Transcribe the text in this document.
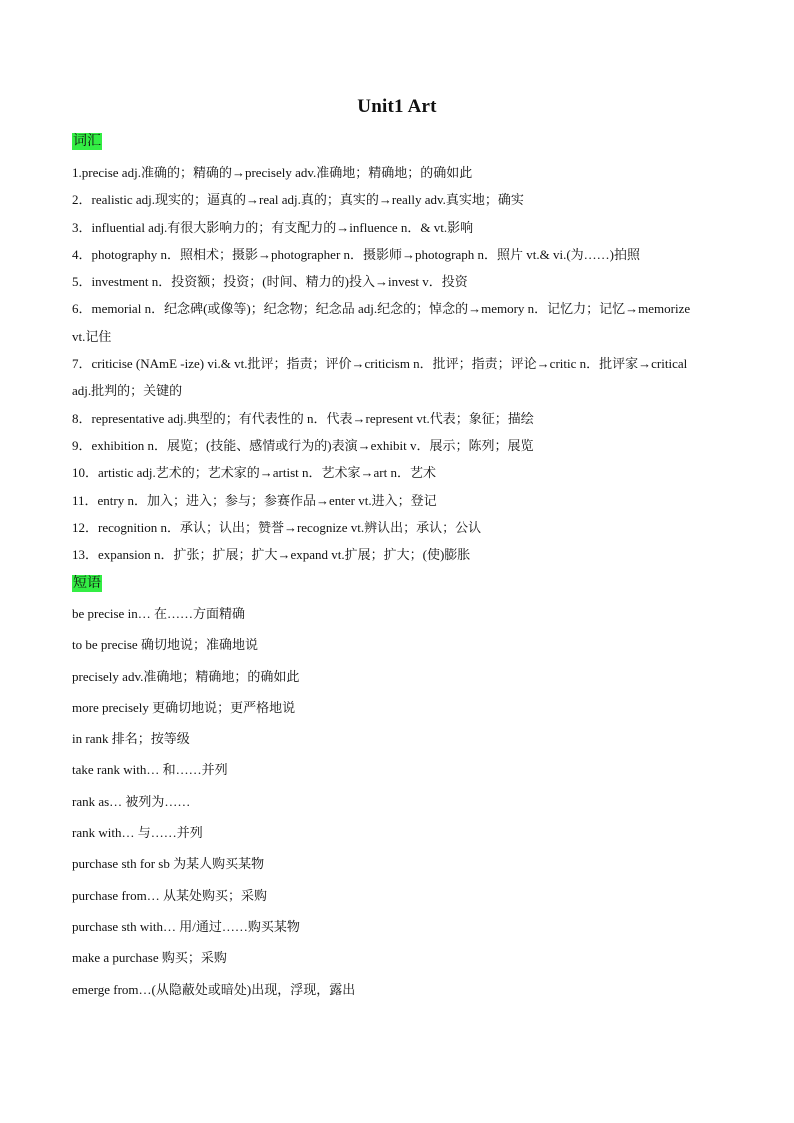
Unit1 Art
词汇
1.precise adj.准确的；精确的→precisely adv.准确地；精确地；的确如此
2．realistic adj.现实的；逼真的→real adj.真的；真实的→really adv.真实地；确实
3．influential adj.有很大影响力的；有支配力的→influence n．& vt.影响
4．photography n．照相术；摄影→photographer n．摄影师→photograph n．照片 vt.& vi.(为……)拍照
5．investment n．投资额；投资；(时间、精力的)投入→invest v．投资
6．memorial n．纪念碑(或像等)；纪念物；纪念品 adj.纪念的；悼念的→memory n．记忆力；记忆→memorize
vt.记住
7．criticise (NAmE -ize) vi.& vt.批评；指责；评价→criticism n．批评；指责；评论→critic n．批评家→critical
adj.批判的；关键的
8．representative adj.典型的；有代表性的 n．代表→represent vt.代表；象征；描绘
9．exhibition n．展览；(技能、感情或行为的)表演→exhibit v．展示；陈列；展览
10．artistic adj.艺术的；艺术家的→artist n．艺术家→art n．艺术
11．entry n．加入；进入；参与；参赛作品→enter vt.进入；登记
12．recognition n．承认；认出；赞誉→recognize vt.辨认出；承认；公认
13．expansion n．扩张；扩展；扩大→expand vt.扩展；扩大；(使)膨胀
短语
be precise in… 在……方面精确
to be precise 确切地说；准确地说
precisely adv.准确地；精确地；的确如此
more precisely 更确切地说；更严格地说
in rank 排名；按等级
take rank with… 和……并列
rank as… 被列为……
rank with… 与……并列
purchase sth for sb 为某人购买某物
purchase from… 从某处购买；采购
purchase sth with… 用/通过……购买某物
make a purchase 购买；采购
emerge from…(从隐蔽处或暗处)出现，浮现，露出
